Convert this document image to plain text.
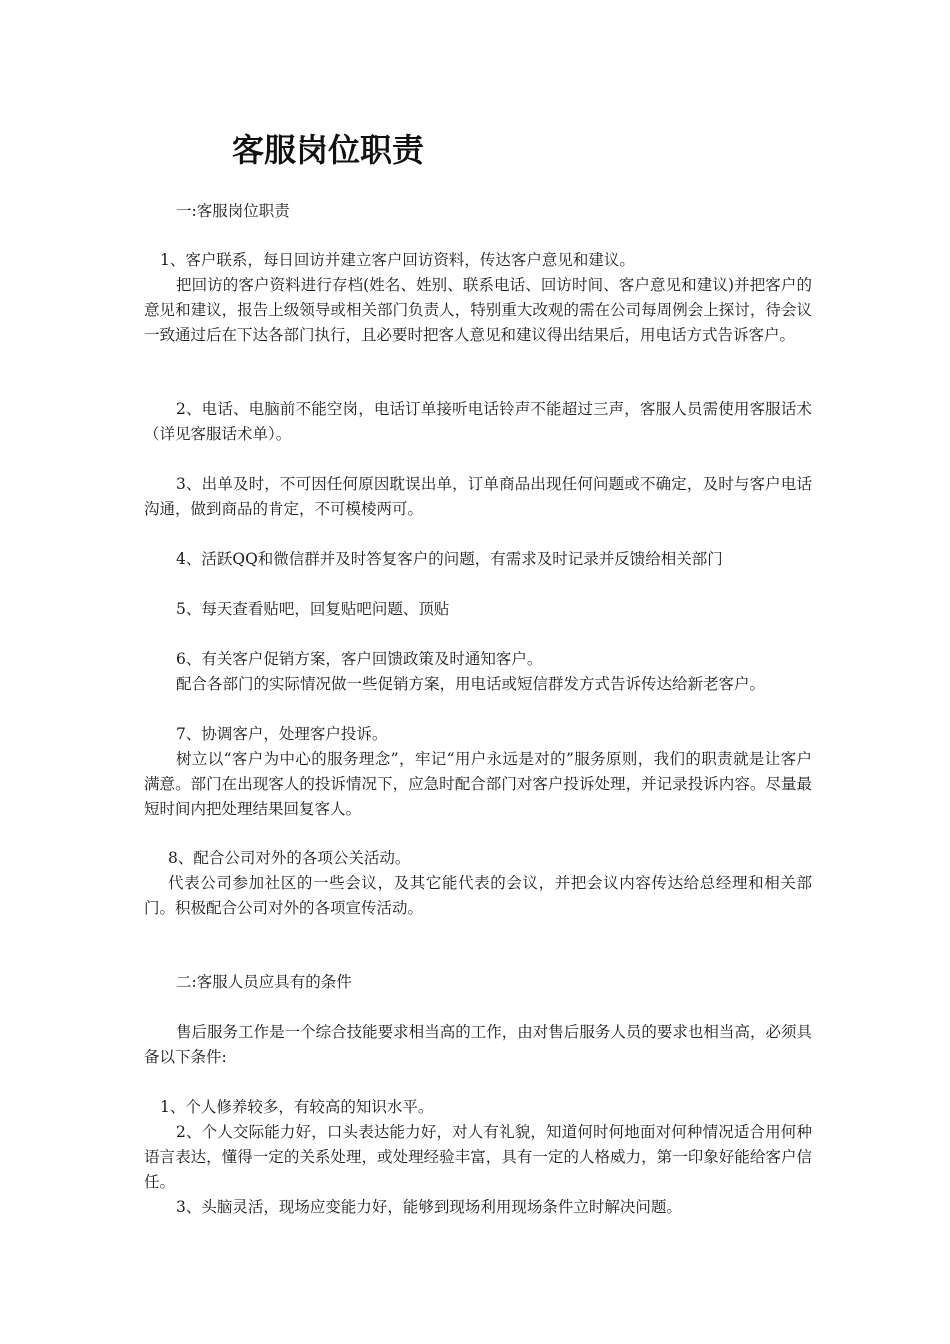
客服岗位职责

一:客服岗位职责

1、客户联系，每日回访并建立客户回访资料，传达客户意见和建议。

把回访的客户资料进行存档(姓名、姓别、联系电话、回访时间、客户意见和建议)并把客户的意见和建议，报告上级领导或相关部门负责人，特别重大改观的需在公司每周例会上探讨，待会议一致通过后在下达各部门执行，且必要时把客人意见和建议得出结果后，用电话方式告诉客户。

2、电话、电脑前不能空岗，电话订单接听电话铃声不能超过三声，客服人员需使用客服话术（详见客服话术单）。

3、出单及时，不可因任何原因耽误出单，订单商品出现任何问题或不确定，及时与客户电话沟通，做到商品的肯定，不可模棱两可。

4、活跃QQ和微信群并及时答复客户的问题，有需求及时记录并反馈给相关部门

5、每天查看贴吧，回复贴吧问题、顶贴

6、有关客户促销方案，客户回馈政策及时通知客户。

配合各部门的实际情况做一些促销方案，用电话或短信群发方式告诉传达给新老客户。

7、协调客户，处理客户投诉。

树立以“客户为中心的服务理念”，牢记“用户永远是对的”服务原则，我们的职责就是让客户满意。部门在出现客人的投诉情况下，应急时配合部门对客户投诉处理，并记录投诉内容。尽量最短时间内把处理结果回复客人。

8、配合公司对外的各项公关活动。

代表公司参加社区的一些会议，及其它能代表的会议，并把会议内容传达给总经理和相关部门。积极配合公司对外的各项宣传活动。

二:客服人员应具有的条件

售后服务工作是一个综合技能要求相当高的工作，由对售后服务人员的要求也相当高，必须具备以下条件:

1、个人修养较多，有较高的知识水平。

2、个人交际能力好，口头表达能力好，对人有礼貌，知道何时何地面对何种情况适合用何种语言表达，懂得一定的关系处理，或处理经验丰富，具有一定的人格威力，第一印象好能给客户信任。

3、头脑灵活，现场应变能力好，能够到现场利用现场条件立时解决问题。
